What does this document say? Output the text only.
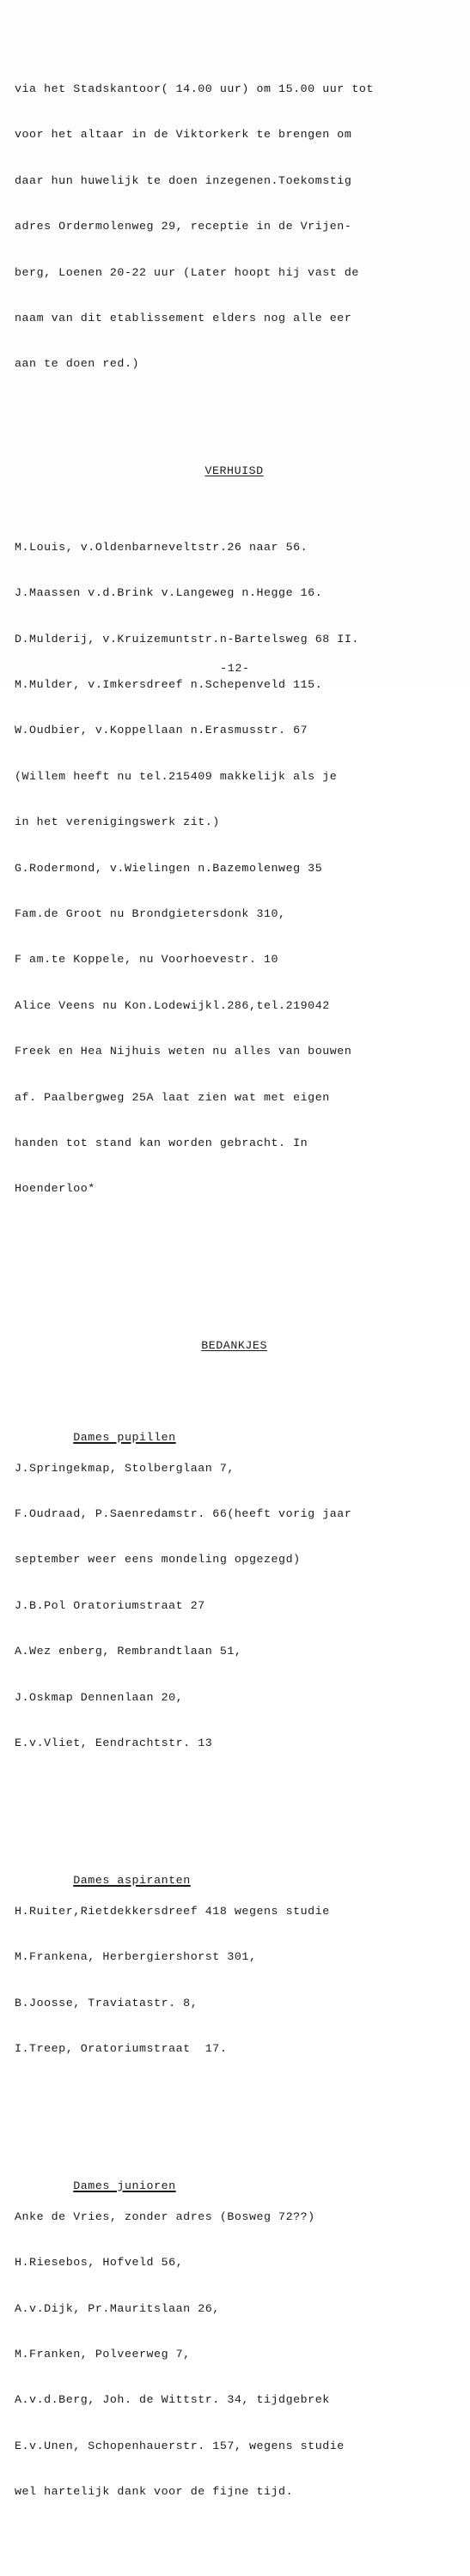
via het Stadskantoor( 14.00 uur) om 15.00 uur tot

voor het altaar in de Viktorkerk te brengen om

daar hun huwelijk te doen inzegenen.Toekomstig

adres Ordermolenweg 29, receptie in de Vrijen-

berg, Loenen 20-22 uur (Later hoopt hij vast de

naam van dit etablissement elders nog alle eer

aan te doen red.)

VERHUISD

M.Louis, v.Oldenbarneveltstr.26 naar 56.

J.Maassen v.d.Brink v.Langeweg n.Hegge 16.

D.Mulderij, v.Kruizemuntstr.n-Bartelsweg 68 II.

M.Mulder, v.Imkersdreef n.Schepenveld 115.

W.Oudbier, v.Koppellaan n.Erasmusstr. 67

(Willem heeft nu tel.215409 makkelijk als je

in het verenigingswerk zit.)

G.Rodermond, v.Wielingen n.Bazemolenweg 35

Fam.de Groot nu Brondgietersdonk 310,

F am.te Koppele, nu Voorhoevestr. 10

Alice Veens nu Kon.Lodewijkl.286,tel.219042

Freek en Hea Nijhuis weten nu alles van bouwen

af. Paalbergweg 25A laat zien wat met eigen

handen tot stand kan worden gebracht. In

Hoenderloo*

BEDANKJES

Dames pupillen

J.Springekmap, Stolberglaan 7,

F.Oudraad, P.Saenredamstr. 66(heeft vorig jaar

september weer eens mondeling opgezegd)

J.B.Pol Oratoriumstraat 27

A.Wez enberg, Rembrandtlaan 51,

J.Oskmap Dennenlaan 20,

E.v.Vliet, Eendrachtstr. 13

Dames aspiranten

H.Ruiter,Rietdekkersdreef 418 wegens studie

M.Frankena, Herbergiershorst 301,

B.Joosse, Traviatastr. 8,

I.Treep, Oratoriumstraat  17.

Dames junioren

Anke de Vries, zonder adres (Bosweg 72??)

H.Riesebos, Hofveld 56,

A.v.Dijk, Pr.Mauritslaan 26,

M.Franken, Polveerweg 7,

A.v.d.Berg, Joh. de Wittstr. 34, tijdgebrek

E.v.Unen, Schopenhauerstr. 157, wegens studie

wel hartelijk dank voor de fijne tijd.

-12-
